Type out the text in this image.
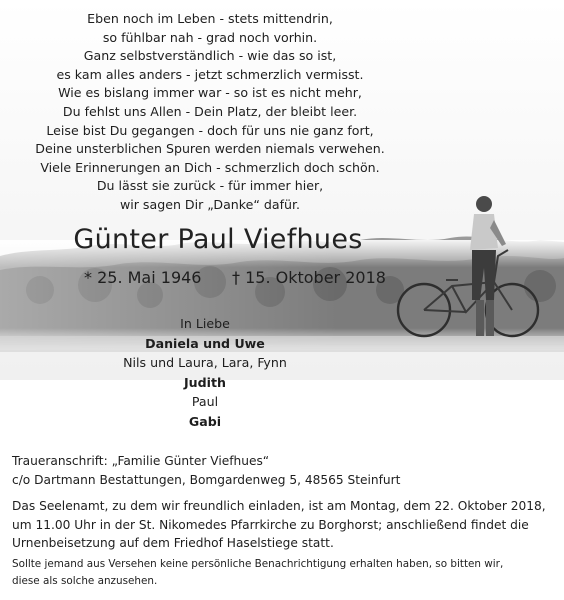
Eben noch im Leben - stets mittendrin,
so fühlbar nah - grad noch vorhin.
Ganz selbstverständlich - wie das so ist,
es kam alles anders - jetzt schmerzlich vermisst.
Wie es bislang immer war - so ist es nicht mehr,
Du fehlst uns Allen - Dein Platz, der bleibt leer.
Leise bist Du gegangen - doch für uns nie ganz fort,
Deine unsterblichen Spuren werden niemals verwehen.
Viele Erinnerungen an Dich - schmerzlich doch schön.
Du lässt sie zurück - für immer hier,
wir sagen Dir „Danke“ dafür.
Günter Paul Viefhues
* 25. Mai 1946 † 15. Oktober 2018
In Liebe
Daniela und Uwe
Nils und Laura, Lara, Fynn
Judith
Paul
Gabi
Traueranschrift: „Familie Günter Viefhues“
c/o Dartmann Bestattungen, Bomgardenweg 5, 48565 Steinfurt
Das Seelenamt, zu dem wir freundlich einladen, ist am Montag, dem 22. Oktober 2018,
um 11.00 Uhr in der St. Nikomedes Pfarrkirche zu Borghorst; anschließend findet die
Urnenbeisetzung auf dem Friedhof Haselstiege statt.
Sollte jemand aus Versehen keine persönliche Benachrichtigung erhalten haben, so bitten wir,
diese als solche anzusehen.
